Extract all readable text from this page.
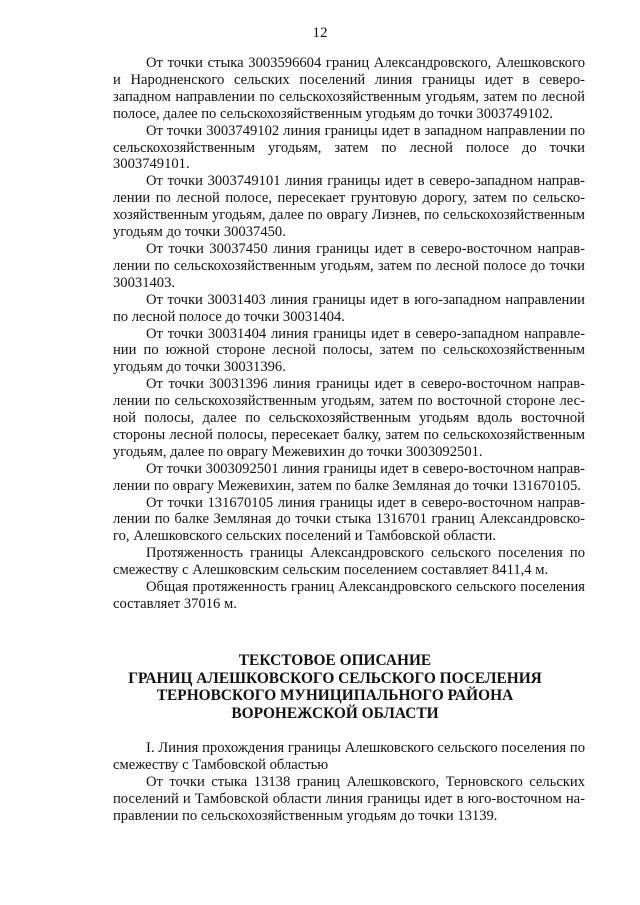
12

От точки стыка 3003596604 границ Александровского, Алешковского и Народненского сельских поселений линия границы идет в северозападном направлении по сельскохозяйственным угодьям, затем по лесной полосе, далее по сельскохозяйственным угодьям до точки 3003749102.

От точки 3003749102 линия границы идет в западном направлении по сельскохозяйственным угодьям, затем по лесной полосе до точки 3003749101.

От точки 3003749101 линия границы идет в северо-западном направлении по лесной полосе, пересекает грунтовую дорогу, затем по сельскохозяйственным угодьям, далее по оврагу Лизнев, по сельскохозяйственным угодьям до точки 30037450.

От точки 30037450 линия границы идет в северо-восточном направлении по сельскохозяйственным угодьям, затем по лесной полосе до точки 30031403.

От точки 30031403 линия границы идет в юго-западном направлении по лесной полосе до точки 30031404.

От точки 30031404 линия границы идет в северо-западном направлении по южной стороне лесной полосы, затем по сельскохозяйственным угодьям до точки 30031396.

От точки 30031396 линия границы идет в северо-восточном направлении по сельскохозяйственным угодьям, затем по восточной стороне лесной полосы, далее по сельскохозяйственным угодьям вдоль восточной стороны лесной полосы, пересекает балку, затем по сельскохозяйственным угодьям, далее по оврагу Межевихин до точки 3003092501.

От точки 3003092501 линия границы идет в северо-восточном направлении по оврагу Межевихин, затем по балке Земляная до точки 131670105.

От точки 131670105 линия границы идет в северо-восточном направлении по балке Земляная до точки стыка 1316701 границ Александровского, Алешковского сельских поселений и Тамбовской области.

Протяженность границы Александровского сельского поселения по смежеству с Алешковским сельским поселением составляет 8411,4 м.

Общая протяженность границ Александровского сельского поселения составляет 37016 м.

ТЕКСТОВОЕ ОПИСАНИЕ
ГРАНИЦ АЛЕШКОВСКОГО СЕЛЬСКОГО ПОСЕЛЕНИЯ
ТЕРНОВСКОГО МУНИЦИПАЛЬНОГО РАЙОНА
ВОРОНЕЖСКОЙ ОБЛАСТИ

I. Линия прохождения границы Алешковского сельского поселения по смежеству с Тамбовской областью

От точки стыка 13138 границ Алешковского, Терновского сельских поселений и Тамбовской области линия границы идет в юго-восточном направлении по сельскохозяйственным угодьям до точки 13139.
